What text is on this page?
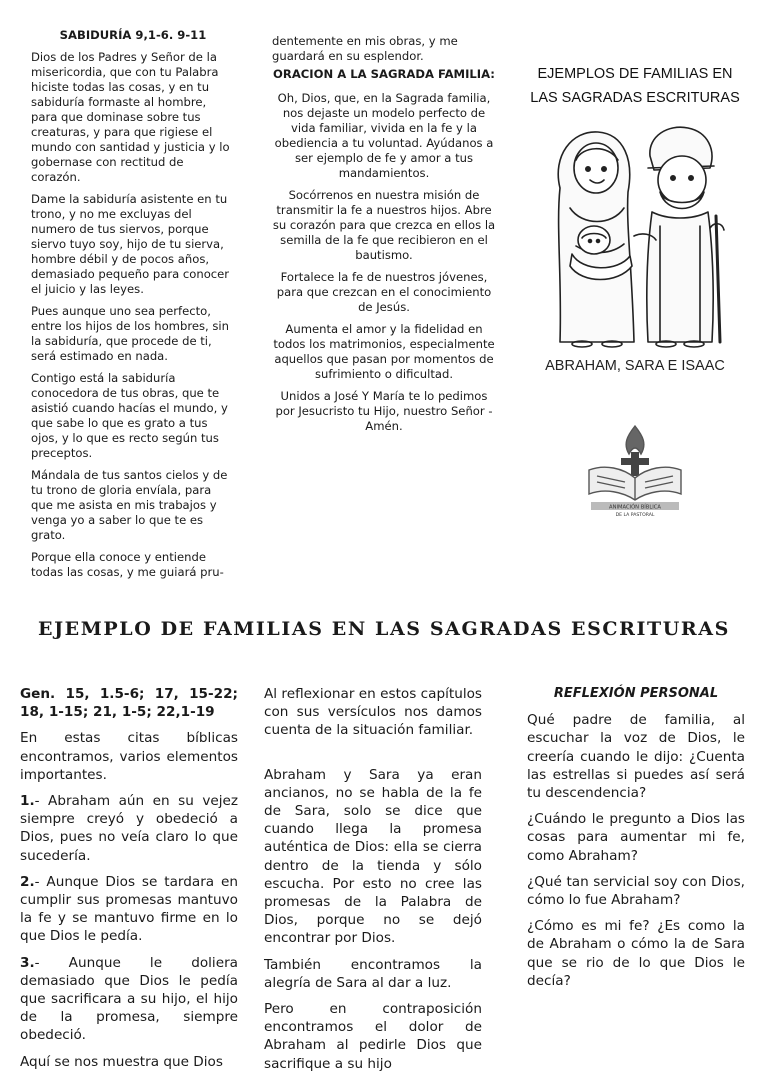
SABIDURÍA 9,1-6. 9-11

Dios de los Padres y Señor de la misericordia, que con tu Palabra hiciste todas las cosas, y en tu sabiduría formaste al hombre, para que dominase sobre tus creaturas, y para que rigiese el mundo con santidad y justicia y lo gobernase con rectitud de corazón.

Dame la sabiduría asistente en tu trono, y no me excluyas del numero de tus siervos, porque siervo tuyo soy, hijo de tu sierva, hombre débil y de pocos años, demasiado pequeño para conocer el juicio y las leyes.

Pues aunque uno sea perfecto, entre los hijos de los hombres, sin la sabiduría, que procede de ti, será estimado en nada.

Contigo está la sabiduría conocedora de tus obras, que te asistió cuando hacías el mundo, y que sabe lo que es grato a tus ojos, y lo que es recto según tus preceptos.

Mándala de tus santos cielos y de tu trono de gloria envíala, para que me asista en mis trabajos y venga yo a saber lo que te es grato.

Porque ella conoce y entiende todas las cosas, y me guiará pru-

dentemente en mis obras, y me guardará en su esplendor.

ORACION A LA SAGRADA FAMILIA:

Oh, Dios, que, en la Sagrada familia, nos dejaste un modelo perfecto de vida familiar, vivida en la fe y la obediencia a tu voluntad. Ayúdanos a ser ejemplo de fe y amor a tus mandamientos.

Socórrenos en nuestra misión de transmitir la fe a nuestros hijos. Abre su corazón para que crezca en ellos la semilla de la fe que recibieron en el bautismo.

Fortalece la fe de nuestros jóvenes, para que crezcan en el conocimiento de Jesús.

Aumenta el amor y la fidelidad en todos los matrimonios, especialmente aquellos que pasan por momentos de sufrimiento o dificultad.

Unidos a José Y María te lo pedimos por Jesucristo tu Hijo, nuestro Señor - Amén.

EJEMPLOS DE FAMILIAS EN LAS SAGRADAS ESCRITURAS

ABRAHAM, SARA E ISAAC
ANIMACIÓN BÍBLICA
DE LA PASTORAL
EJEMPLO DE FAMILIAS EN LAS SAGRADAS ESCRITURAS

Gen. 15, 1.5-6; 17, 15-22; 18, 1-15; 21, 1-5; 22,1-19

En estas citas bíblicas encontramos, varios elementos importantes.

1.- Abraham aún en su vejez siempre creyó y obedeció a Dios, pues no veía claro lo que sucedería.

2.- Aunque Dios se tardara en cumplir sus promesas mantuvo la fe y se mantuvo firme en lo que Dios le pedía.

3.- Aunque le doliera demasiado que Dios le pedía que sacrificara a su hijo, el hijo de la promesa, siempre obedeció.

Aquí se nos muestra que Dios

Al reflexionar en estos capítulos con sus versículos nos damos cuenta de la situación familiar.

Abraham y Sara ya eran ancianos, no se habla de la fe de Sara, solo se dice que cuando llega la promesa auténtica de Dios: ella se cierra dentro de la tienda y sólo escucha. Por esto no cree las promesas de la Palabra de Dios, porque no se dejó encontrar por Dios.

También encontramos la alegría de Sara al dar a luz.

Pero en contraposición encontramos el dolor de Abraham al pedirle Dios que sacrifique a su hijo

REFLEXIÓN PERSONAL

Qué padre de familia, al escuchar la voz de Dios, le creería cuando le dijo: ¿Cuenta las estrellas si puedes así será tu descendencia?

¿Cuándo le pregunto a Dios las cosas para aumentar mi fe, como Abraham?

¿Qué tan servicial soy con Dios, cómo lo fue Abraham?

¿Cómo es mi fe? ¿Es como la de Abraham o cómo la de Sara que se rio de lo que Dios le decía?
